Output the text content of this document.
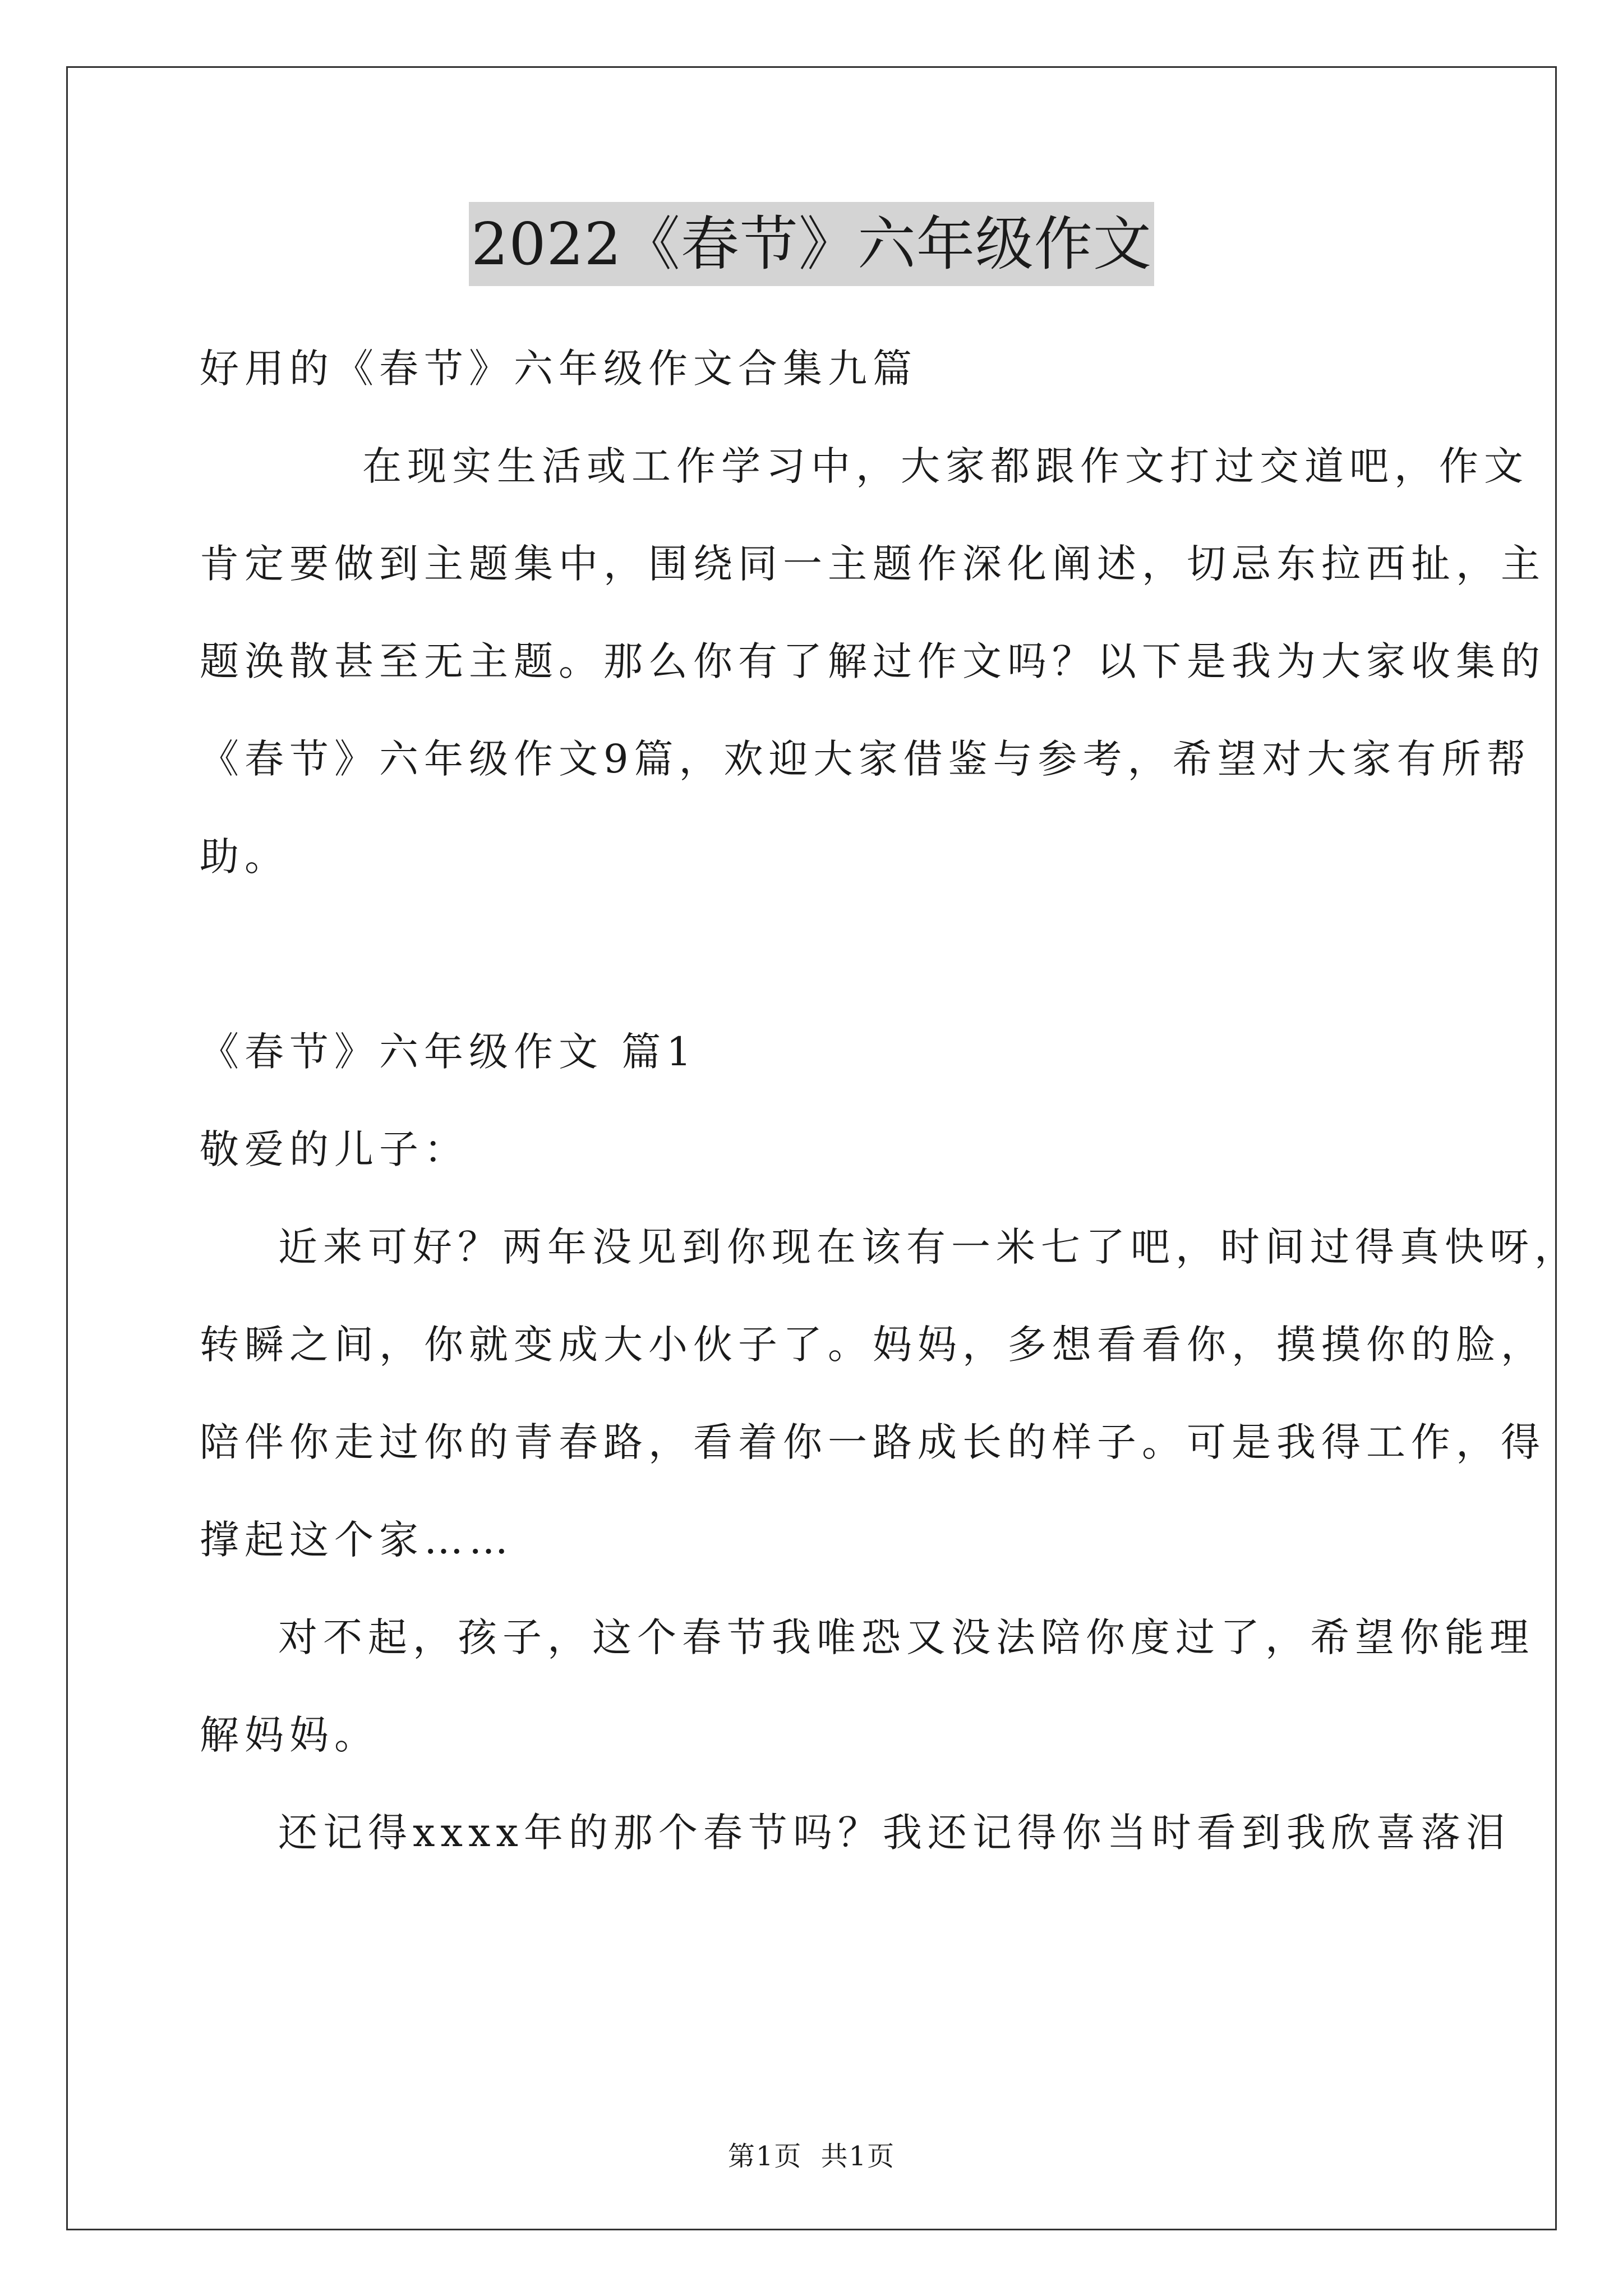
2022《春节》六年级作文
好用的《春节》六年级作文合集九篇
在现实生活或工作学习中，大家都跟作文打过交道吧，作文
肯定要做到主题集中，围绕同一主题作深化阐述，切忌东拉西扯，主
题涣散甚至无主题。那么你有了解过作文吗？以下是我为大家收集的
《春节》六年级作文9篇，欢迎大家借鉴与参考，希望对大家有所帮
助。
《春节》六年级作文 篇1
敬爱的儿子：
近来可好？两年没见到你现在该有一米七了吧，时间过得真快呀，
转瞬之间，你就变成大小伙子了。妈妈，多想看看你，摸摸你的脸，
陪伴你走过你的青春路，看着你一路成长的样子。可是我得工作，得
撑起这个家……
对不起，孩子，这个春节我唯恐又没法陪你度过了，希望你能理
解妈妈。
还记得xxxx年的那个春节吗？我还记得你当时看到我欣喜落泪
第1页 共1页
